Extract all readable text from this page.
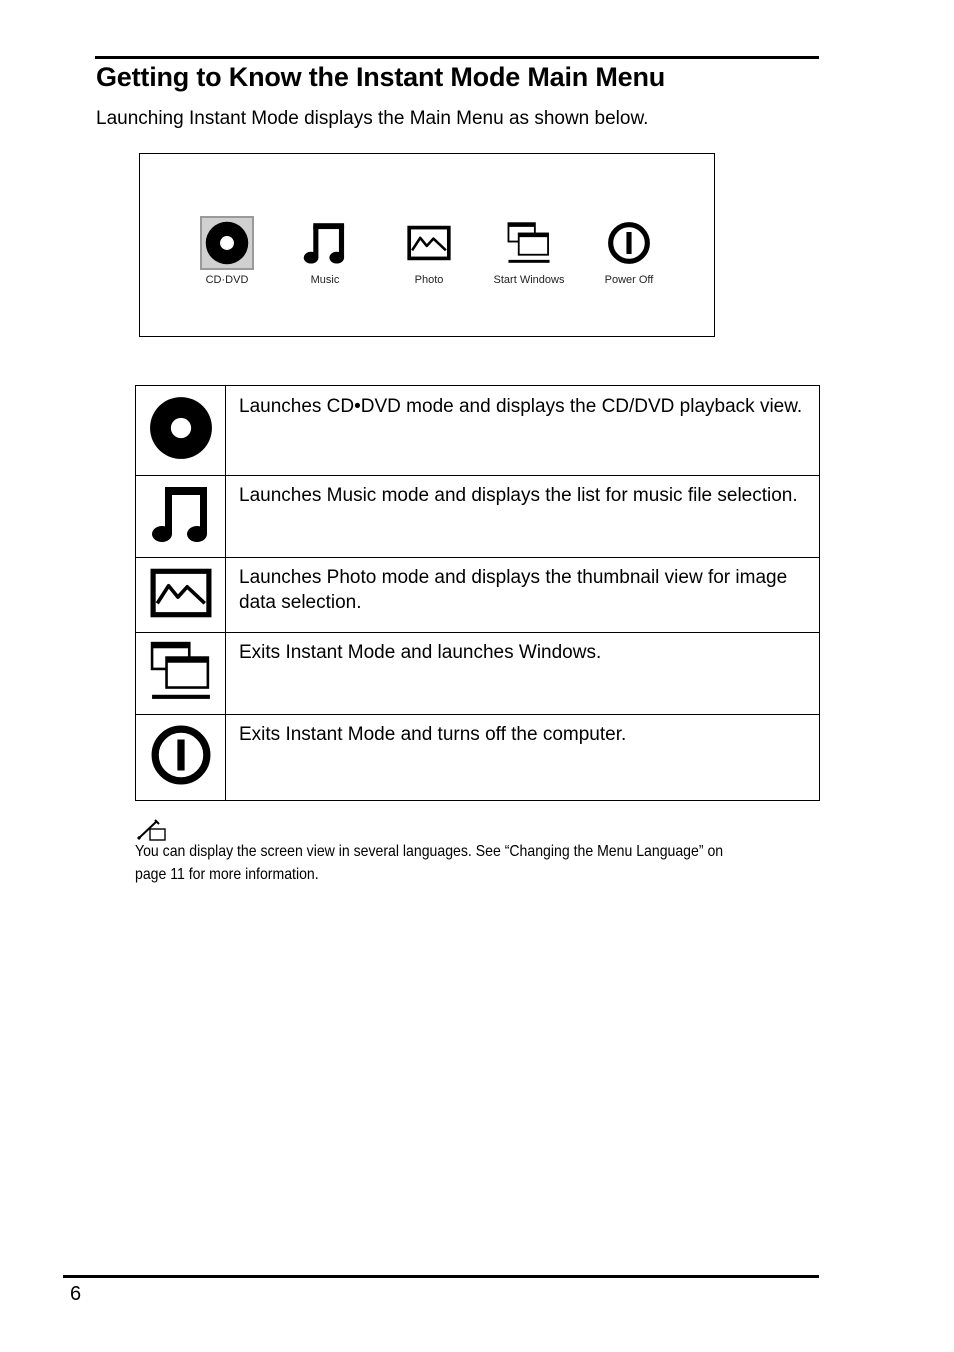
Getting to Know the Instant Mode Main Menu

Launching Instant Mode displays the Main Menu as shown below.

CD·DVD	Music	Photo	Start Windows	Power Off
	Launches CD•DVD mode and displays the CD/DVD playback view.
	Launches Music mode and displays the list for music file selection.
	Launches Photo mode and displays the thumbnail view for image data selection.
	Exits Instant Mode and launches Windows.
	Exits Instant Mode and turns off the computer.

You can display the screen view in several languages. See “Changing the Menu Language” on page 11 for more information.

6
